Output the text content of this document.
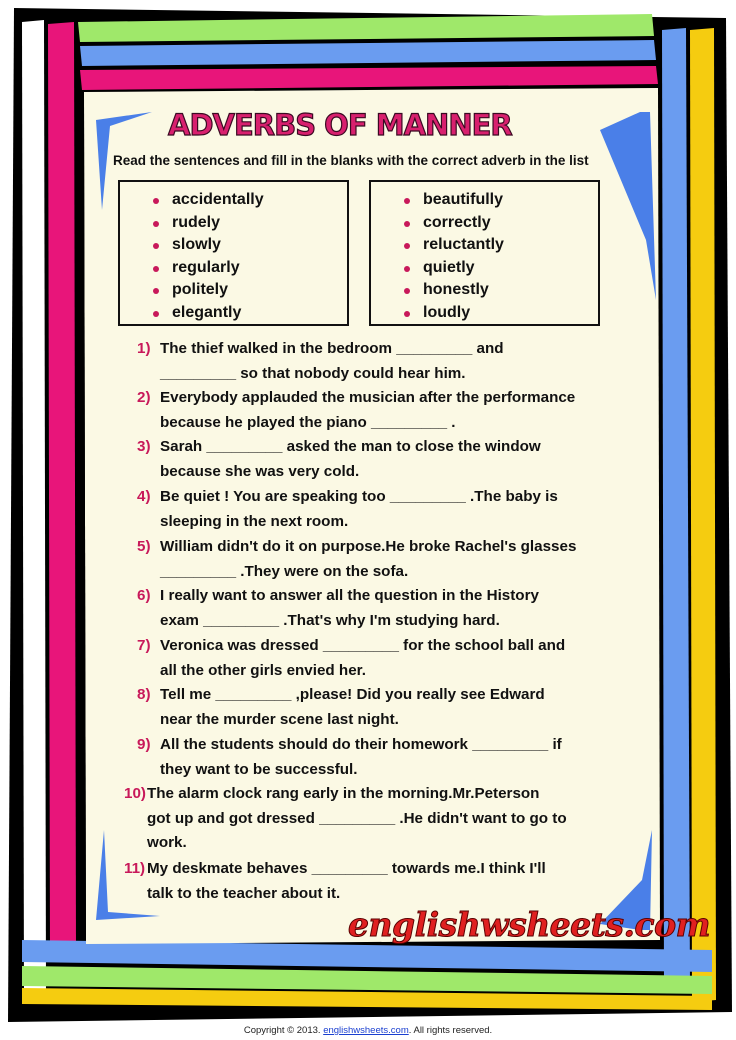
ADVERBS OF MANNER
Read the sentences and fill in the blanks with the correct adverb in the list
accidentally
rudely
slowly
regularly
politely
elegantly
beautifully
correctly
reluctantly
quietly
honestly
loudly
1) The thief walked in the bedroom _________ and
_________ so that nobody could hear him.
2) Everybody applauded the musician after the performance
because he played the piano _________ .
3) Sarah _________ asked the man to close the window
because she was very cold.
4) Be quiet ! You are speaking too _________ .The baby is
sleeping in the next room.
5) William didn't do it on purpose.He broke Rachel's glasses
_________ .They were on the sofa.
6) I really want to answer all the question in the History
exam _________ .That's why I'm studying hard.
7) Veronica was dressed _________ for the school ball and
all the other girls envied her.
8) Tell me _________ ,please! Did you really see Edward
near the murder scene last night.
9) All the students should do their homework _________ if
they want to be successful.
10) The alarm clock rang early in the morning.Mr.Peterson
got up and got dressed _________ .He didn't want to go to
work.
11) My deskmate behaves _________ towards me.I think I'll
talk to the teacher about it.
englishwsheets.com
Copyright © 2013. englishwsheets.com. All rights reserved.
